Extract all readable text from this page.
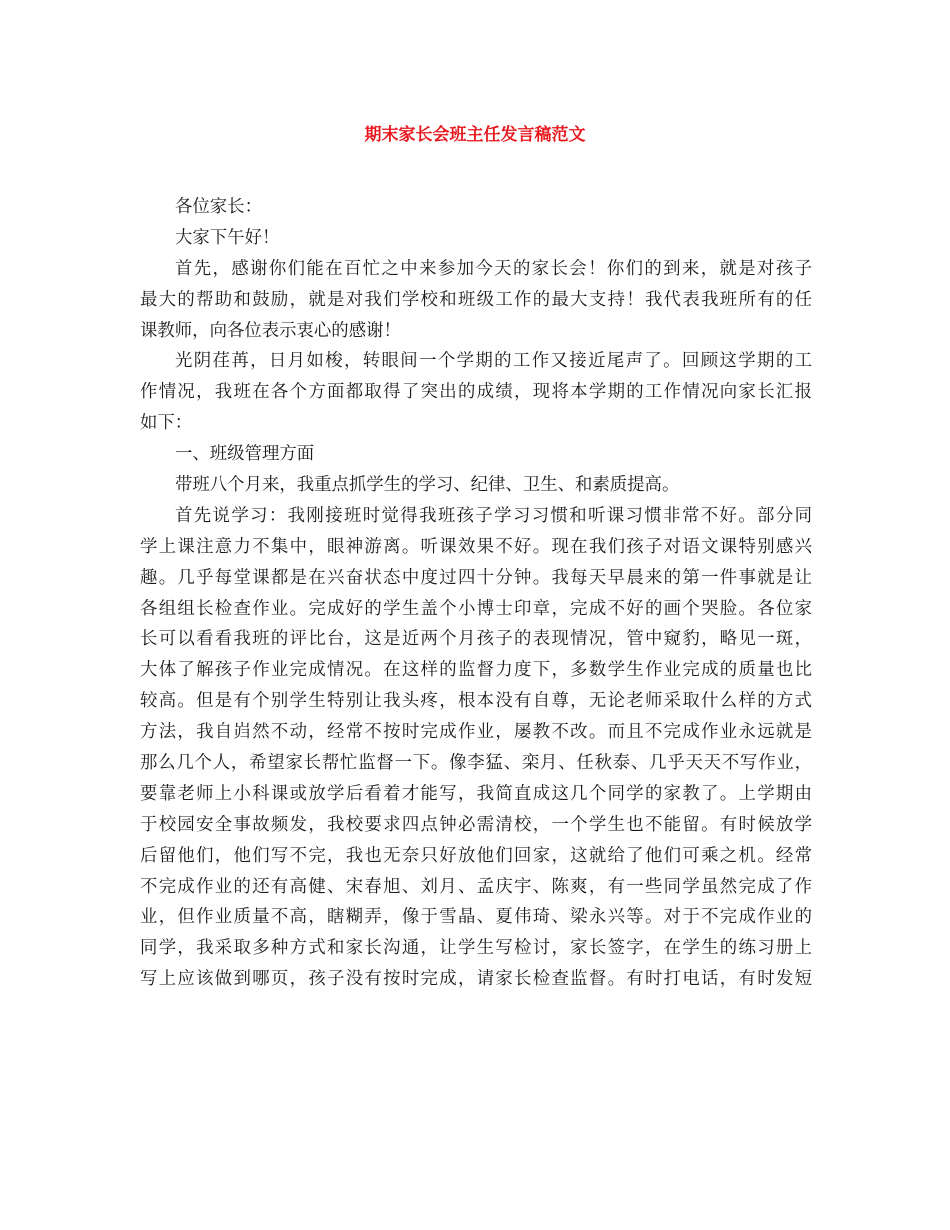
期末家长会班主任发言稿范文
各位家长：
大家下午好！
首先，感谢你们能在百忙之中来参加今天的家长会！你们的到来，就是对孩子
最大的帮助和鼓励，就是对我们学校和班级工作的最大支持！我代表我班所有的任
课教师，向各位表示衷心的感谢！
光阴荏苒，日月如梭，转眼间一个学期的工作又接近尾声了。回顾这学期的工
作情况，我班在各个方面都取得了突出的成绩，现将本学期的工作情况向家长汇报
如下：
一、班级管理方面
带班八个月来，我重点抓学生的学习、纪律、卫生、和素质提高。
首先说学习：我刚接班时觉得我班孩子学习习惯和听课习惯非常不好。部分同
学上课注意力不集中，眼神游离。听课效果不好。现在我们孩子对语文课特别感兴
趣。几乎每堂课都是在兴奋状态中度过四十分钟。我每天早晨来的第一件事就是让
各组组长检查作业。完成好的学生盖个小博士印章，完成不好的画个哭脸。各位家
长可以看看我班的评比台，这是近两个月孩子的表现情况，管中窥豹，略见一斑，
大体了解孩子作业完成情况。在这样的监督力度下，多数学生作业完成的质量也比
较高。但是有个别学生特别让我头疼，根本没有自尊，无论老师采取什么样的方式
方法，我自岿然不动，经常不按时完成作业，屡教不改。而且不完成作业永远就是
那么几个人，希望家长帮忙监督一下。像李猛、栾月、任秋泰、几乎天天不写作业，
要靠老师上小科课或放学后看着才能写，我简直成这几个同学的家教了。上学期由
于校园安全事故频发，我校要求四点钟必需清校，一个学生也不能留。有时候放学
后留他们，他们写不完，我也无奈只好放他们回家，这就给了他们可乘之机。经常
不完成作业的还有高健、宋春旭、刘月、孟庆宇、陈爽，有一些同学虽然完成了作
业，但作业质量不高，瞎糊弄，像于雪晶、夏伟琦、梁永兴等。对于不完成作业的
同学，我采取多种方式和家长沟通，让学生写检讨，家长签字，在学生的练习册上
写上应该做到哪页，孩子没有按时完成，请家长检查监督。有时打电话，有时发短
